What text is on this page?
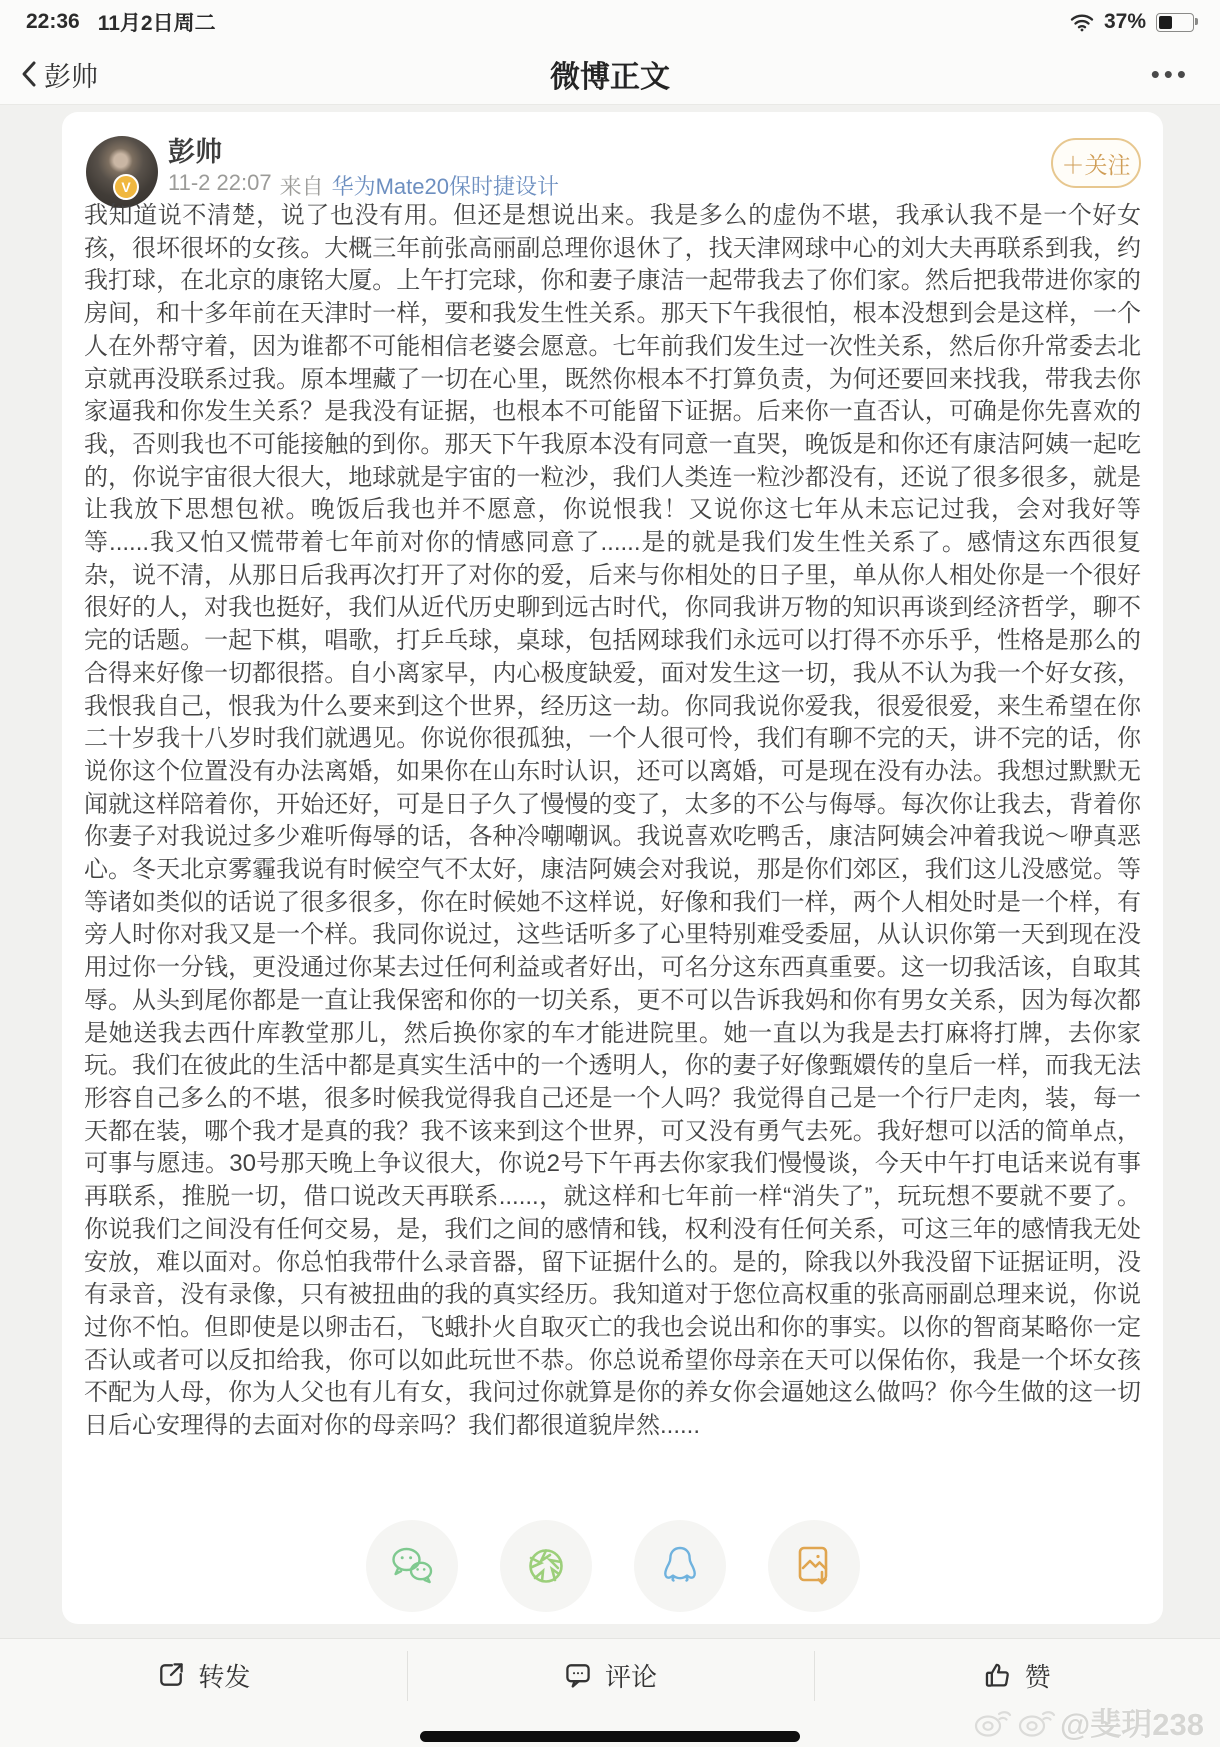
22:36 11月2日周二	37%
彭帅	微博正文	•••
V
彭帅
11-2 22:07 来自 华为Mate20保时捷设计
＋关注
我知道说不清楚，说了也没有用。但还是想说出来。我是多么的虚伪不堪，我承认我不是一个好女孩，很坏很坏的女孩。大概三年前张高丽副总理你退休了，找天津网球中心的刘大夫再联系到我，约我打球，在北京的康铭大厦。上午打完球，你和妻子康洁一起带我去了你们家。然后把我带进你家的房间，和十多年前在天津时一样，要和我发生性关系。那天下午我很怕，根本没想到会是这样，一个人在外帮守着，因为谁都不可能相信老婆会愿意。七年前我们发生过一次性关系，然后你升常委去北京就再没联系过我。原本埋藏了一切在心里，既然你根本不打算负责，为何还要回来找我，带我去你家逼我和你发生关系？是我没有证据，也根本不可能留下证据。后来你一直否认，可确是你先喜欢的我，否则我也不可能接触的到你。那天下午我原本没有同意一直哭，晚饭是和你还有康洁阿姨一起吃的，你说宇宙很大很大，地球就是宇宙的一粒沙，我们人类连一粒沙都没有，还说了很多很多，就是让我放下思想包袱。晚饭后我也并不愿意，你说恨我！又说你这七年从未忘记过我，会对我好等等......我又怕又慌带着七年前对你的情感同意了......是的就是我们发生性关系了。感情这东西很复杂，说不清，从那日后我再次打开了对你的爱，后来与你相处的日子里，单从你人相处你是一个很好很好的人，对我也挺好，我们从近代历史聊到远古时代，你同我讲万物的知识再谈到经济哲学，聊不完的话题。一起下棋，唱歌，打乒乓球，桌球，包括网球我们永远可以打得不亦乐乎，性格是那么的合得来好像一切都很搭。自小离家早，内心极度缺爱，面对发生这一切，我从不认为我一个好女孩，我恨我自己，恨我为什么要来到这个世界，经历这一劫。你同我说你爱我，很爱很爱，来生希望在你二十岁我十八岁时我们就遇见。你说你很孤独，一个人很可怜，我们有聊不完的天，讲不完的话，你说你这个位置没有办法离婚，如果你在山东时认识，还可以离婚，可是现在没有办法。我想过默默无闻就这样陪着你，开始还好，可是日子久了慢慢的变了，太多的不公与侮辱。每次你让我去，背着你你妻子对我说过多少难听侮辱的话，各种冷嘲嘲讽。我说喜欢吃鸭舌，康洁阿姨会冲着我说～咿真恶心。冬天北京雾霾我说有时候空气不太好，康洁阿姨会对我说，那是你们郊区，我们这儿没感觉。等等诸如类似的话说了很多很多，你在时候她不这样说，好像和我们一样，两个人相处时是一个样，有旁人时你对我又是一个样。我同你说过，这些话听多了心里特别难受委屈，从认识你第一天到现在没用过你一分钱，更没通过你某去过任何利益或者好出，可名分这东西真重要。这一切我活该，自取其辱。从头到尾你都是一直让我保密和你的一切关系，更不可以告诉我妈和你有男女关系，因为每次都是她送我去西什库教堂那儿，然后换你家的车才能进院里。她一直以为我是去打麻将打牌，去你家玩。我们在彼此的生活中都是真实生活中的一个透明人，你的妻子好像甄嬛传的皇后一样，而我无法形容自己多么的不堪，很多时候我觉得我自己还是一个人吗？我觉得自己是一个行尸走肉，装，每一天都在装，哪个我才是真的我？我不该来到这个世界，可又没有勇气去死。我好想可以活的简单点，可事与愿违。30号那天晚上争议很大，你说2号下午再去你家我们慢慢谈，今天中午打电话来说有事再联系，推脱一切，借口说改天再联系......，就这样和七年前一样“消失了”，玩玩想不要就不要了。你说我们之间没有任何交易，是，我们之间的感情和钱，权利没有任何关系，可这三年的感情我无处安放，难以面对。你总怕我带什么录音器，留下证据什么的。是的，除我以外我没留下证据证明，没有录音，没有录像，只有被扭曲的我的真实经历。我知道对于您位高权重的张高丽副总理来说，你说过你不怕。但即使是以卵击石，飞蛾扑火自取灭亡的我也会说出和你的事实。以你的智商某略你一定否认或者可以反扣给我，你可以如此玩世不恭。你总说希望你母亲在天可以保佑你，我是一个坏女孩不配为人母，你为人父也有儿有女，我问过你就算是你的养女你会逼她这么做吗？你今生做的这一切日后心安理得的去面对你的母亲吗？我们都很道貌岸然......
转发	评论	赞
@斐玥238
